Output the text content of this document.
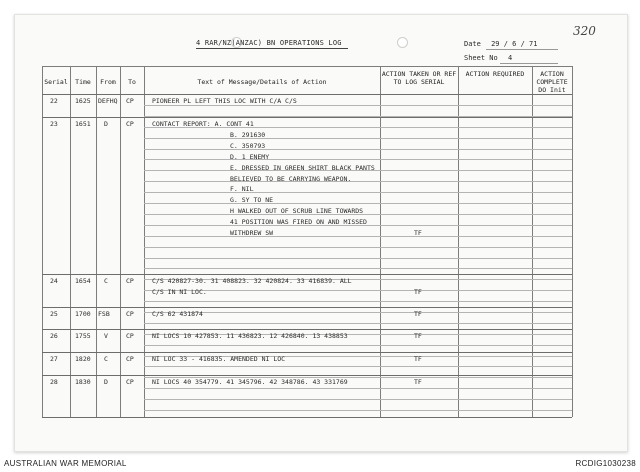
4 RAR/NZ(ANZAC) BN OPERATIONS LOG	Date 29 / 6 / 71
Sheet No 4
320
Serial	Time	From	To	Text of Message/Details of Action
ACTION TAKEN OR REF TO LOG SERIAL
ACTION REQUIRED	ACTION COMPLETE DO Init
22	1625 DEFHQ CP	PIONEER PL LEFT THIS LOC WITH C/A C/S
23	1651 D	CP	CONTACT REPORT: A. CONT 41
B. 291630
C. 350793
D. 1 ENEMY
E. DRESSED IN GREEN SHIRT BLACK PANTS
BELIEVED TO BE CARRYING WEAPON.
F. NIL
G. SY TO NE
H WALKED OUT OF SCRUB LINE TOWARDS
41 POSITION WAS FIRED ON AND MISSED
WITHDREW SW	TF
24	1654 C	CP	C/S 420827-30. 31 408823. 32 420824. 33 416839. ALL
C/S IN NI LOC.	TF
25	1700 FSB	CP	C/S 62 431874	TF
26	1755 V	CP	NI LOCS 10 427853. 11 436823. 12 426840. 13 438853	TF
27	1820 C	CP	NI LOC 33 - 416835. AMENDED NI LOC	TF
28	1830 D	CP	NI LOCS 40 354779. 41 345796. 42 348786. 43 331769	TF
AUSTRALIAN WAR MEMORIAL	RCDIG1030238
